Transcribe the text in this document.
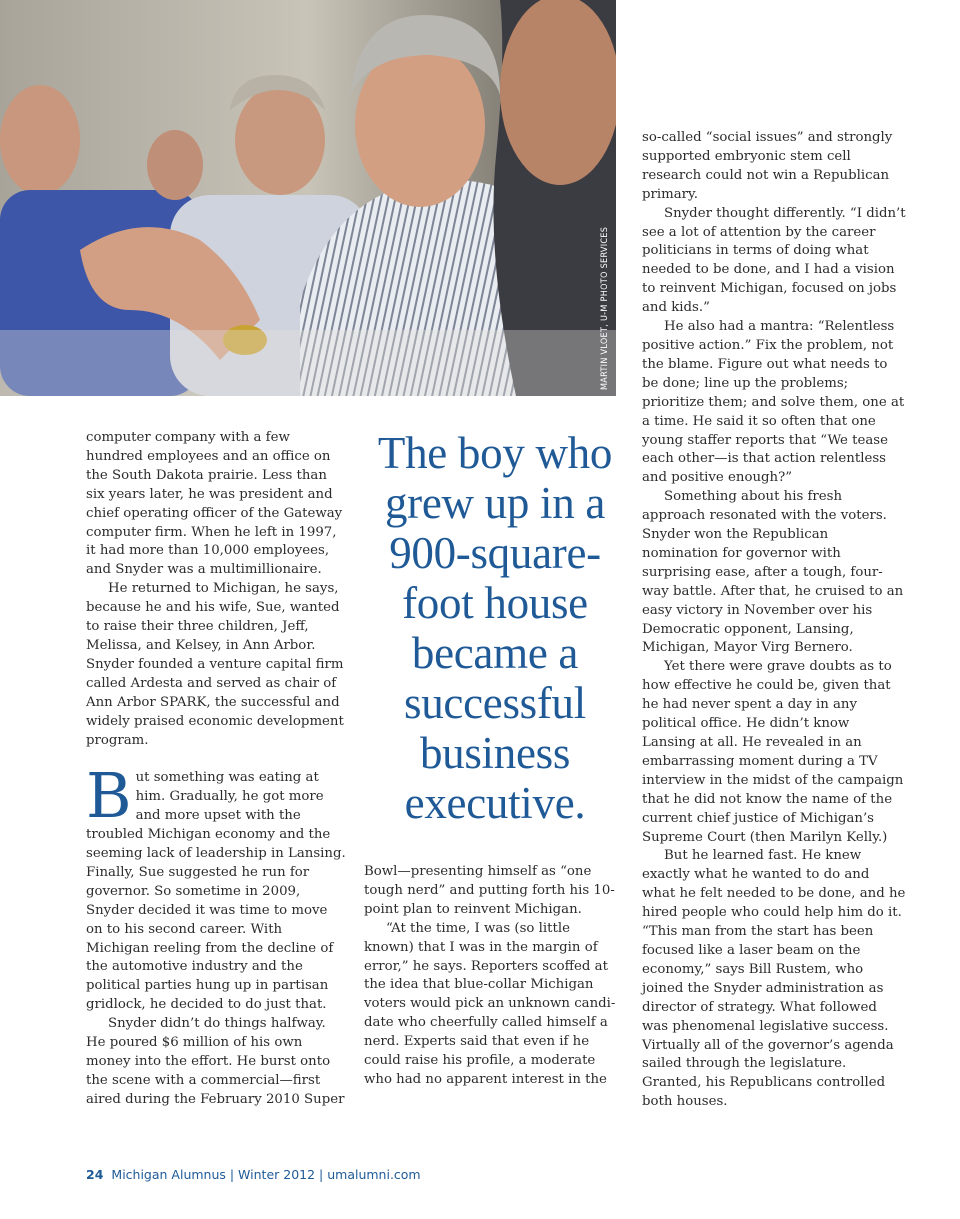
MARTIN VLOET, U-M PHOTO SERVICES

computer company with a few hundred employees and an office on the South Dakota prairie. Less than six years later, he was president and chief operating officer of the Gateway computer firm. When he left in 1997, it had more than 10,000 employees, and Snyder was a multimillionaire.

He returned to Michigan, he says, because he and his wife, Sue, wanted to raise their three children, Jeff, Melissa, and Kelsey, in Ann Arbor. Snyder founded a venture capital firm called Ardesta and served as chair of Ann Arbor SPARK, the successful and widely praised economic development program.

But something was eating at him. Gradually, he got more and more upset with the troubled Michigan economy and the seeming lack of leadership in Lansing. Finally, Sue suggested he run for governor. So sometime in 2009, Snyder decided it was time to move on to his second career. With Michigan reeling from the decline of the automotive industry and the political parties hung up in partisan gridlock, he decided to do just that.

Snyder didn’t do things halfway. He poured $6 million of his own money into the effort. He burst onto the scene with a commercial—first aired during the February 2010 Super

The boy who grew up in a 900-square-foot house became a successful business executive.

Bowl—presenting himself as “one tough nerd” and putting forth his 10-point plan to reinvent Michigan.

“At the time, I was (so little known) that I was in the margin of error,” he says. Reporters scoffed at the idea that blue-collar Michigan voters would pick an unknown candi-date who cheerfully called himself a nerd. Experts said that even if he could raise his profile, a moderate who had no apparent interest in the

so-called “social issues” and strongly supported embryonic stem cell research could not win a Republican primary.

Snyder thought differently. “I didn’t see a lot of attention by the career politicians in terms of doing what needed to be done, and I had a vision to reinvent Michigan, focused on jobs and kids.”

He also had a mantra: “Relentless positive action.” Fix the problem, not the blame. Figure out what needs to be done; line up the problems; prioritize them; and solve them, one at a time. He said it so often that one young staffer reports that “We tease each other—is that action relentless and positive enough?”

Something about his fresh approach resonated with the voters. Snyder won the Republican nomination for governor with surprising ease, after a tough, four-way battle. After that, he cruised to an easy victory in November over his Democratic opponent, Lansing, Michigan, Mayor Virg Bernero.

Yet there were grave doubts as to how effective he could be, given that he had never spent a day in any political office. He didn’t know Lansing at all. He revealed in an embarrassing moment during a TV interview in the midst of the campaign that he did not know the name of the current chief justice of Michigan’s Supreme Court (then Marilyn Kelly.)

But he learned fast. He knew exactly what he wanted to do and what he felt needed to be done, and he hired people who could help him do it. “This man from the start has been focused like a laser beam on the economy,” says Bill Rustem, who joined the Snyder administration as director of strategy. What followed was phenomenal legislative success. Virtually all of the governor’s agenda sailed through the legislature. Granted, his Republicans controlled both houses.

24 Michigan Alumnus | Winter 2012 | umalumni.com
